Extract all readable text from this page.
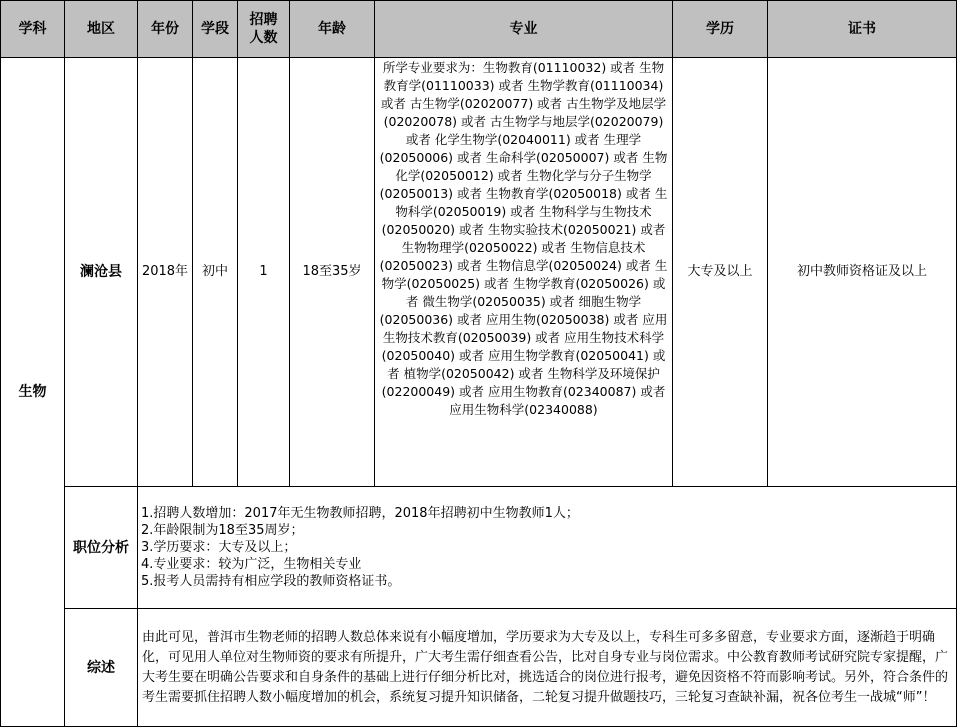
学科	地区	年份	学段	招聘人数	年龄	专业	学历	证书
生物	澜沧县	2018年	初中	1	18至35岁	所学专业要求为：生物教育(01110032) 或者 生物教育学(01110033) 或者 生物学教育(01110034) 或者 古生物学(02020077) 或者 古生物学及地层学(02020078) 或者 古生物学与地层学(02020079) 或者 化学生物学(02040011) 或者 生理学(02050006) 或者 生命科学(02050007) 或者 生物化学(02050012) 或者 生物化学与分子生物学(02050013) 或者 生物教育学(02050018) 或者 生物科学(02050019) 或者 生物科学与生物技术(02050020) 或者 生物实验技术(02050021) 或者 生物物理学(02050022) 或者 生物信息技术(02050023) 或者 生物信息学(02050024) 或者 生物学(02050025) 或者 生物学教育(02050026) 或者 微生物学(02050035) 或者 细胞生物学(02050036) 或者 应用生物(02050038) 或者 应用生物技术教育(02050039) 或者 应用生物技术科学(02050040) 或者 应用生物学教育(02050041) 或者 植物学(02050042) 或者 生物科学及环境保护(02200049) 或者 应用生物教育(02340087) 或者 应用生物科学(02340088)	大专及以上	初中教师资格证及以上
	职位分析	1.招聘人数增加：2017年无生物教师招聘，2018年招聘初中生物教师1人；
2.年龄限制为18至35周岁；
3.学历要求：大专及以上；
4.专业要求：较为广泛，生物相关专业
5.报考人员需持有相应学段的教师资格证书。						

	综述	由此可见，普洱市生物老师的招聘人数总体来说有小幅度增加，学历要求为大专及以上，专科生可多多留意，专业要求方面，逐渐趋于明确化，可见用人单位对生物师资的要求有所提升，广大考生需仔细查看公告，比对自身专业与岗位需求。中公教育教师考试研究院专家提醒，广大考生要在明确公告要求和自身条件的基础上进行仔细分析比对，挑选适合的岗位进行报考，避免因资格不符而影响考试。另外，符合条件的考生需要抓住招聘人数小幅度增加的机会，系统复习提升知识储备，二轮复习提升做题技巧，三轮复习查缺补漏，祝各位考生一战城“师”！						
